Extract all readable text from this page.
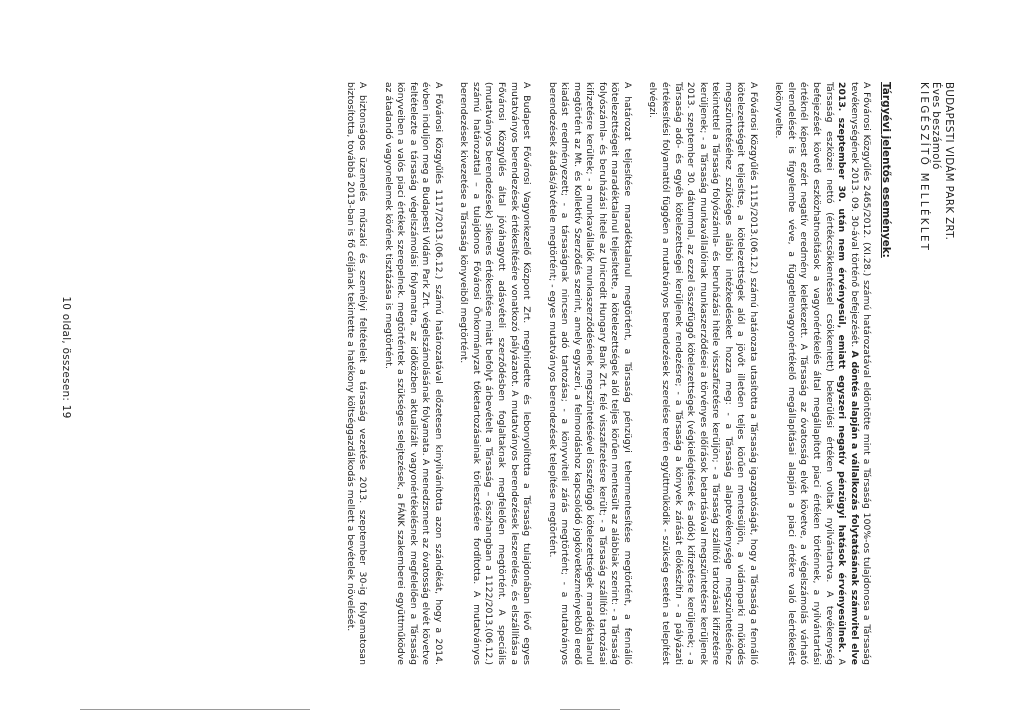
BUDAPESTI VIDÁM PARK ZRT.

Éves beszámoló

KIEGÉSZÍTŐ MELLÉKLET

Tárgyévi jelentős események:

A Fővárosi Közgyűlés 2465/2012. (XI.28.) számú határozatával eldöntötte mint a Társaság 100%-os tulajdonosa a Társaság tevékenységének 2013. 09. 30-ával történő befejezését. A döntés alapján a vállalkozás folytatásának számvitel elve 2013. szeptember 30. után nem érvényesül, emiatt egyszeri negatív pénzügyi hatások érvényesülnek. A Társaság eszközei nettó (értékcsökkentéssel csökkentett) bekerülési értéken voltak nyilvántartva. A tevékenység befejezését követő eszközhatnosítások a vagyonértékelés által megállapított piaci értéken történnek, a nyilvántartási értéknél képest ezért negatív eredmény keletkezett. A Társaság az óvatosság elvét követve, a végelszámolás várható elrendelését is figyelembe véve, a függetlenvagyonértékelő megállapításai alapján a piaci értékre való leértékelést lekönyvelte.

A Fővárosi Közgyűlés 1115/2013.(06.12.) számú határozata utasította a Társaság igazgatóságát, hogy a Társaság a fennálló kötelezettségeit teljesítse, a kötelezettségek alól a jövőt illetően teljes körűen mentesüljön, a vidámparki működés megszüntetéséhez szükséges alábbi intézkedéseket hozza meg: - a Társaság alaptevékenysége megszüntetéséhez tekintettel a Társaság folyószámla- és beruházási hitele visszafizetésre kerüljön; - a Társaság szállítói tartozásai kifizetésre kerüljenek; - a Társaság munkavállalóinak munkaszerződései a törvényes előírások betartásával megszüntetésre kerüljenek 2013. szeptember 30. dátummal, az ezzel összefüggő kötelezettségek (végkielégítések és adók) kifizetésre kerüljenek; - a Társaság adó- és egyéb kötelezettségei kerüljenek rendezésre; - a Társaság a könyvek zárását elókészítiл - a pályázati értékesítési folyamattól függően a mutatványos berendezések szerelése terén együttműködik - szükség esetén a telepítést elvégzi.

A határozat teljesítése maradéktalanul megtörtént, a Társaság pénzügyi tehermentesítése megtörtént, a fennálló kötelezettségeit maradéktalanul teljesítette, a kötelezettségek alól teljes körűen mentesült az alábbiak szerint: - a Társaság folyószámla- és beruházási hitele az Unicredit Hungary Bank Zrt. felé visszafizetésre került; - a Társaság szállítói tartozásai kifizetésre kerültek; - a munkavállalók munkaszerződésének megszüntetésével összefüggő kötelezettségek maradéktalanul megtörtént az Mt. és Kollektív Szerződés szerint, amely egyszeri, a felmondáshoz kapcsolódó jogkövetkezményekből eredő kiadást eredményezett; - a társaságnak nincsen adó tartozása; - a könyvviteli zárás megtörtént; - a mutatványos berendezések átadás/átvétele megtörtént; - egyes mutatványos berendezések telepítése megtörtént.

A Budapest Fővárosi Vagyonkezelő Központ Zrt. meghirdette és lebonyolította a Társaság tulajdonában lévő egyes mutatványos berendezések értékesítésére vonatkozó pályázatot. A mutatványos berendezések leszerelése, és elszállítása a Fővárosi Közgyűlés által jóváhagyott adásvételi szerződésben foglaltaknak megfelelően megtörtént. A speciális (mutatványos berendezések) sikeres értékesítése miatt befolyt árbevételt a Társaság – összhangban a 1122/2013.(06.12.) számú határozattal – a tulajdonos Fővárosi Önkormányzat tőketartozásainak törlesztésére fordította. A mutatványos berendezések kivezetése a Társaság könyveiből megtörtént.

A Fővárosi Közgyűlés 1117/2013.(06.12.) számú határozatával előzetesen kinyilvánította azon szándékát, hogy a 2014. évben induljon meg a Budapesti Vidám Park Zrt. végelszámolásának folyamata. A menedzsment az óvatosság elvét követve feltételezte a társaság végelszámolási folyamatra, az időközben aktualizált vagyonértékelésnek megfelelően a Társaság könyveiben a valós piaci értékek szerepelnek. megtörténtek a szükséges selejtezések, a FÁNK szakemberei együttműködve az átadandó vagyonelemek körének tisztázása is megtörtént.

A biztonságos üzemelés műszaki és személyi feltételeit a társaság vezetése 2013. szeptember 30-ig folyamatosan biztosította, továbbá 2013-ban is fő céljának tekintette a hatékony költséggazdálkodás mellett a bevételek növelését.

10 oldal, összesen: 19
